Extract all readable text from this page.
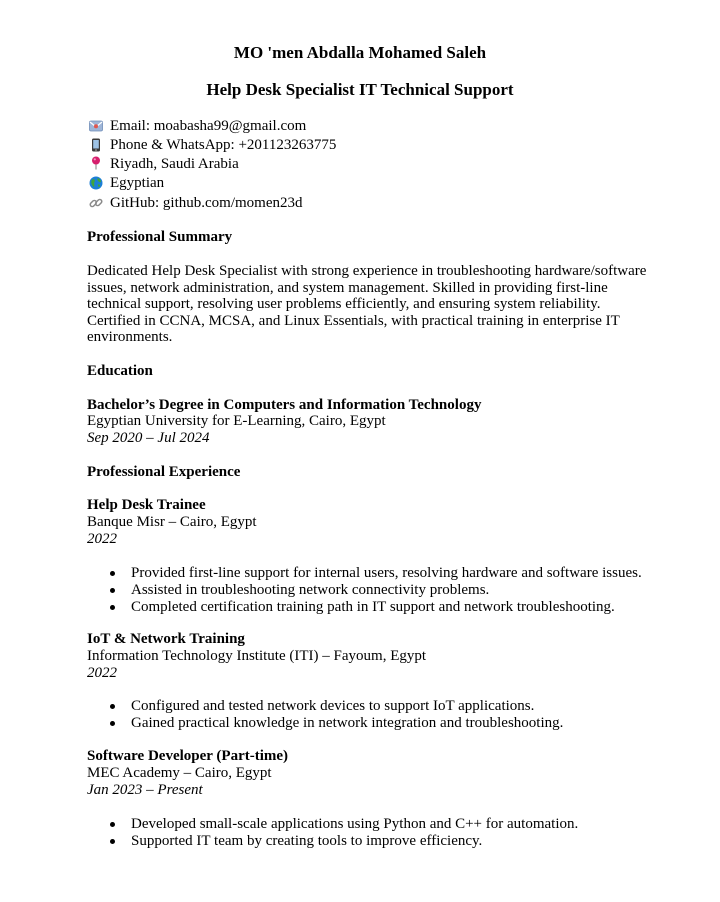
MO 'men Abdalla Mohamed Saleh
Help Desk Specialist IT Technical Support
Email: moabasha99@gmail.com
Phone & WhatsApp: +201123263775
Riyadh, Saudi Arabia
Egyptian
GitHub: github.com/momen23d
Professional Summary
Dedicated Help Desk Specialist with strong experience in troubleshooting hardware/software issues, network administration, and system management. Skilled in providing first-line technical support, resolving user problems efficiently, and ensuring system reliability. Certified in CCNA, MCSA, and Linux Essentials, with practical training in enterprise IT environments.
Education
Bachelor’s Degree in Computers and Information Technology
Egyptian University for E-Learning, Cairo, Egypt
Sep 2020 – Jul 2024
Professional Experience
Help Desk Trainee
Banque Misr – Cairo, Egypt
2022
Provided first-line support for internal users, resolving hardware and software issues.
Assisted in troubleshooting network connectivity problems.
Completed certification training path in IT support and network troubleshooting.
IoT & Network Training
Information Technology Institute (ITI) – Fayoum, Egypt
2022
Configured and tested network devices to support IoT applications.
Gained practical knowledge in network integration and troubleshooting.
Software Developer (Part-time)
MEC Academy – Cairo, Egypt
Jan 2023 – Present
Developed small-scale applications using Python and C++ for automation.
Supported IT team by creating tools to improve efficiency.
